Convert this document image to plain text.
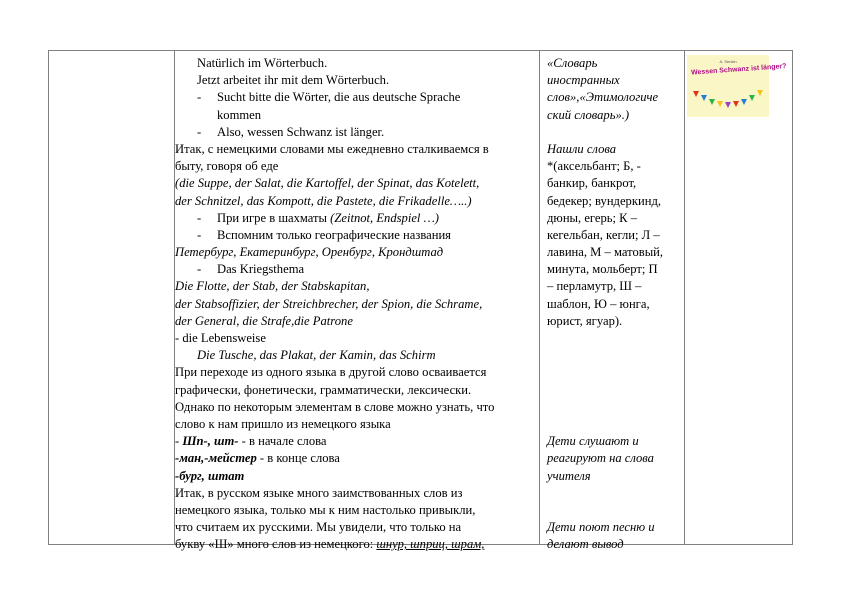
Natürlich im Wörterbuch.
Jetzt arbeitet ihr mit dem Wörterbuch.
- Sucht bitte die Wörter, die aus deutsche Sprache
kommen
- Also, wessen Schwanz ist länger.
Итак, с немецкими словами мы ежедневно сталкиваемся в
быту, говоря об еде
(die Suppe, der Salat, die Kartoffel, der Spinat, das Kotelett,
der Schnitzel, das Kompott, die Pastete, die Frikadelle…..)
- При игре в шахматы (Zeitnot, Endspiel …)
- Вспомним только географические названия
Петербург, Екатеринбург, Оренбург, Крондштад
- Das Kriegsthema
Die Flotte, der Stab, der Stabskapitan,
der Stabsoffizier, der Streichbrecher, der Spion, die Schrame,
der General, die Strafe,die Patrone
- die Lebensweise
Die Tusche, das Plakat, der Kamin, das Schirm
При переходе из одного языка в другой слово осваивается
графически, фонетически, грамматически, лексически.
Однако по некоторым элементам в слове можно узнать, что
слово к нам пришло из немецкого языка
- Шп-, шт- - в начале слова
-ман,-мейстер - в конце слова
-бург, штат
Итак, в русском языке много заимствованных слов из
немецкого языка, только мы к ним настолько привыкли,
что считаем их русскими. Мы увидели, что только на
букву «Ш» много слов из немецкого: шнур, шприц, шрам,
«Словарь
иностранных
слов»,«Этимологиче
ский словарь».)
Нашли слова
*(аксельбант; Б, -
банкир, банкрот,
бедекер; вундеркинд,
дюны, егерь; К –
кегельбан, кегли; Л –
лавина, М – матовый,
минута, мольберт; П
– перламутр, Ш –
шаблон, Ю – юнга,
юрист, ягуар).
Дети слушают и
реагируют на слова
учителя
Дети поют песню и
делают вывод
A. Senkin
Wessen Schwanz ist länger?
